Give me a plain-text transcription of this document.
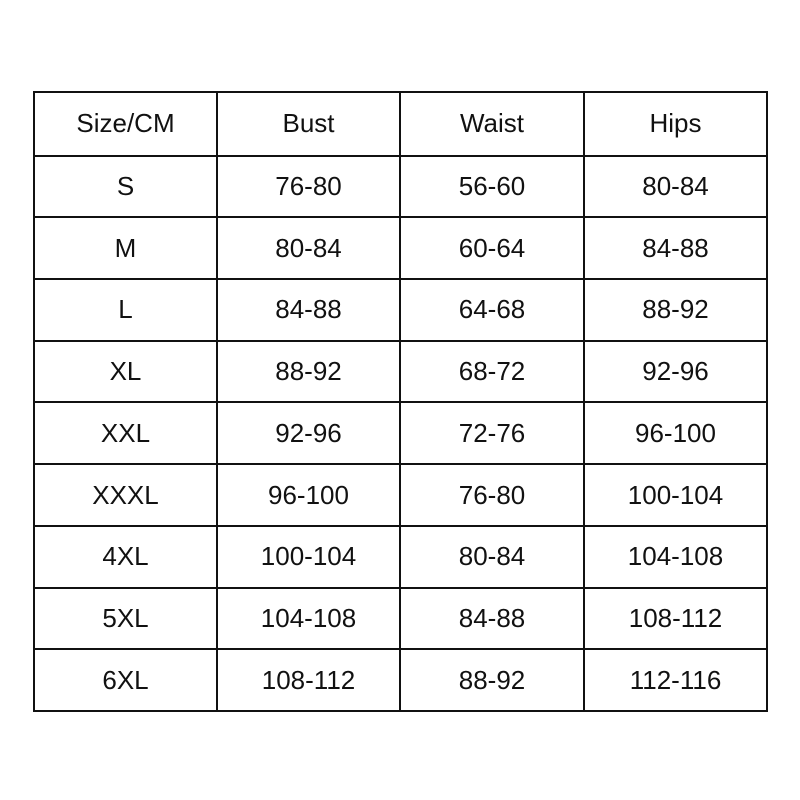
Size/CM	Bust	Waist	Hips
S	76-80	56-60	80-84
M	80-84	60-64	84-88
L	84-88	64-68	88-92
XL	88-92	68-72	92-96
XXL	92-96	72-76	96-100
XXXL	96-100	76-80	100-104
4XL	100-104	80-84	104-108
5XL	104-108	84-88	108-112
6XL	108-112	88-92	112-116
